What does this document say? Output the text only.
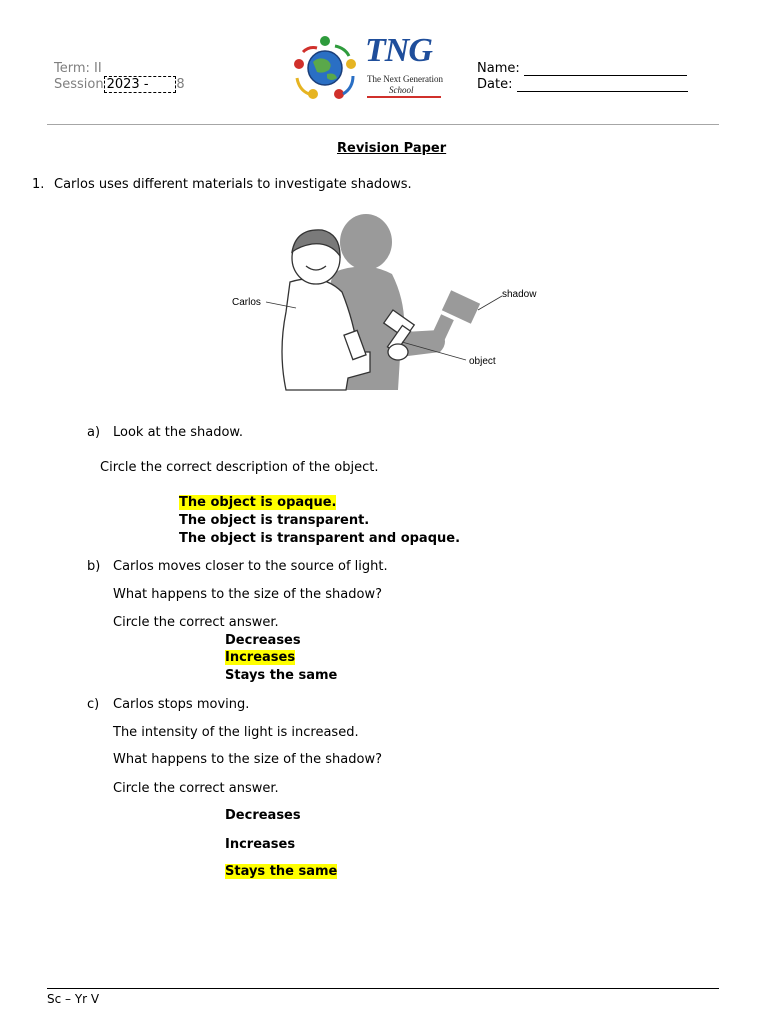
Term: II
Session 2023 - 8
TNG
The Next Generation
School
Name:
Date:
Revision Paper
1. Carlos uses different materials to investigate shadows.
Carlos
shadow
object
a) Look at the shadow.
Circle the correct description of the object.
The object is opaque.
The object is transparent.
The object is transparent and opaque.
b) Carlos moves closer to the source of light.
What happens to the size of the shadow?
Circle the correct answer.
Decreases
Increases
Stays the same
c) Carlos stops moving.
The intensity of the light is increased.
What happens to the size of the shadow?
Circle the correct answer.
Decreases
Increases
Stays the same
Sc – Yr V
